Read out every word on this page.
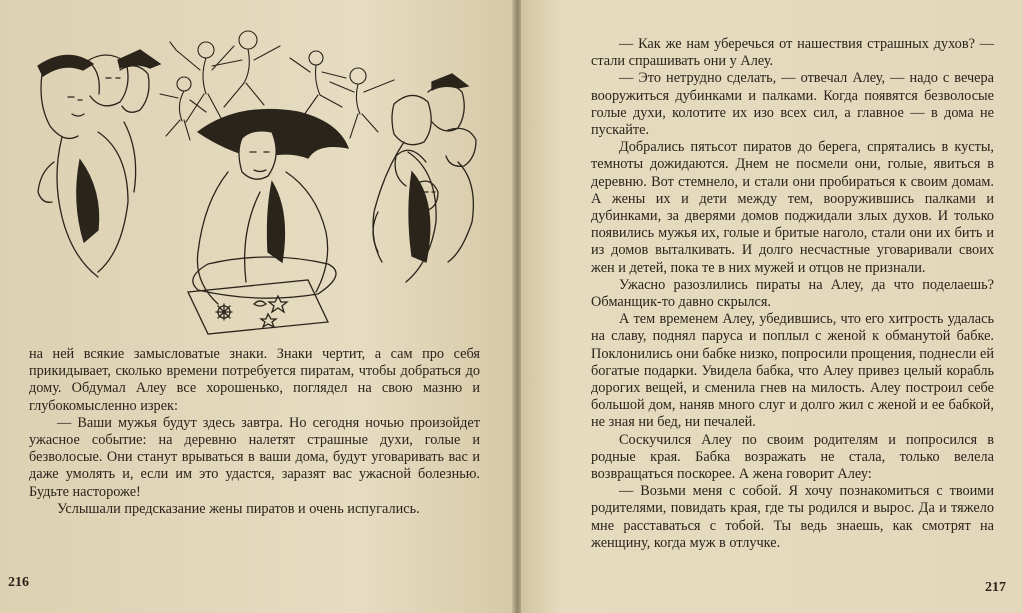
на ней всякие замысловатые знаки. Знаки чертит, а сам про себя прикидывает, сколько времени потребуется пиратам, чтобы добраться до дому. Обдумал Алеу все хорошенько, поглядел на свою мазню и глубокомысленно изрек:

— Ваши мужья будут здесь завтра. Но сегодня ночью произойдет ужасное событие: на деревню налетят страшные духи, голые и безволосые. Они станут врываться в ваши дома, будут уговаривать вас и даже умолять и, если им это удастся, заразят вас ужасной болезнью. Будьте настороже!

Услышали предсказание жены пиратов и очень испугались.

216

— Как же нам уберечься от нашествия страшных духов? — стали спрашивать они у Алеу.

— Это нетрудно сделать, — отвечал Алеу, — надо с вечера вооружиться дубинками и палками. Когда появятся безволосые голые духи, колотите их изо всех сил, а главное — в дома не пускайте.

Добрались пятьсот пиратов до берега, спрятались в кусты, темноты дожидаются. Днем не посмели они, голые, явиться в деревню. Вот стемнело, и стали они пробираться к своим домам. А жены их и дети между тем, вооружившись палками и дубинками, за дверями домов поджидали злых духов. И только появились мужья их, голые и бритые наголо, стали они их бить и из домов выталкивать. И долго несчастные уговаривали своих жен и детей, пока те в них мужей и отцов не признали.

Ужасно разозлились пираты на Алеу, да что поделаешь? Обманщик-то давно скрылся.

А тем временем Алеу, убедившись, что его хитрость удалась на славу, поднял паруса и поплыл с женой к обманутой бабке. Поклонились они бабке низко, попросили прощения, поднесли ей богатые подарки. Увидела бабка, что Алеу привез целый корабль дорогих вещей, и сменила гнев на милость. Алеу построил себе большой дом, наняв много слуг и долго жил с женой и ее бабкой, не зная ни бед, ни печалей.

Соскучился Алеу по своим родителям и попросился в родные края. Бабка возражать не стала, только велела возвращаться поскорее. А жена говорит Алеу:

— Возьми меня с собой. Я хочу познакомиться с твоими родителями, повидать края, где ты родился и вырос. Да и тяжело мне расставаться с тобой. Ты ведь знаешь, как смотрят на женщину, когда муж в отлучке.

217
